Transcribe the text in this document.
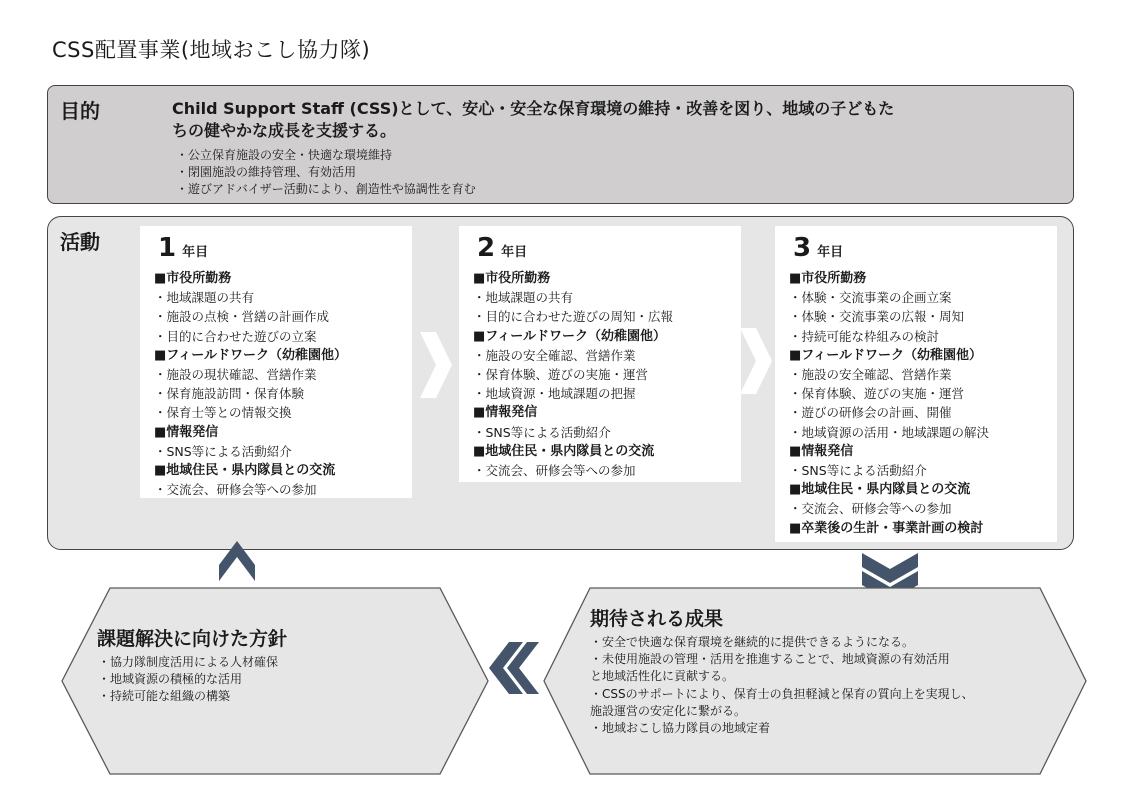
CSS配置事業(地域おこし協力隊)
目的	Child Support Staff (CSS)として、安心・安全な保育環境の維持・改善を図り、地域の子どもた
ちの健やかな成長を支援する。
・公立保育施設の安全・快適な環境維持
・閉園施設の維持管理、有効活用
・遊びアドバイザー活動により、創造性や協調性を育む
活動	1 年目
■市役所勤務
・地域課題の共有
・施設の点検・営繕の計画作成
・目的に合わせた遊びの立案
■フィールドワーク（幼稚園他）
・施設の現状確認、営繕作業
・保育施設訪問・保育体験
・保育士等との情報交換
■情報発信
・SNS等による活動紹介
■地域住民・県内隊員との交流
・交流会、研修会等への参加
2 年目
■市役所勤務
・地域課題の共有
・目的に合わせた遊びの周知・広報
■フィールドワーク（幼稚園他）
・施設の安全確認、営繕作業
・保育体験、遊びの実施・運営
・地域資源・地域課題の把握
■情報発信
・SNS等による活動紹介
■地域住民・県内隊員との交流
・交流会、研修会等への参加
3 年目
■市役所勤務
・体験・交流事業の企画立案
・体験・交流事業の広報・周知
・持続可能な枠組みの検討
■フィールドワーク（幼稚園他）
・施設の安全確認、営繕作業
・保育体験、遊びの実施・運営
・遊びの研修会の計画、開催
・地域資源の活用・地域課題の解決
■情報発信
・SNS等による活動紹介
■地域住民・県内隊員との交流
・交流会、研修会等への参加
■卒業後の生計・事業計画の検討
課題解決に向けた方針
・協力隊制度活用による人材確保
・地域資源の積極的な活用
・持続可能な組織の構築
期待される成果
・安全で快適な保育環境を継続的に提供できるようになる。
・未使用施設の管理・活用を推進することで、地域資源の有効活用
と地域活性化に貢献する。
・CSSのサポートにより、保育士の負担軽減と保育の質向上を実現し、
施設運営の安定化に繋がる。
・地域おこし協力隊員の地域定着
